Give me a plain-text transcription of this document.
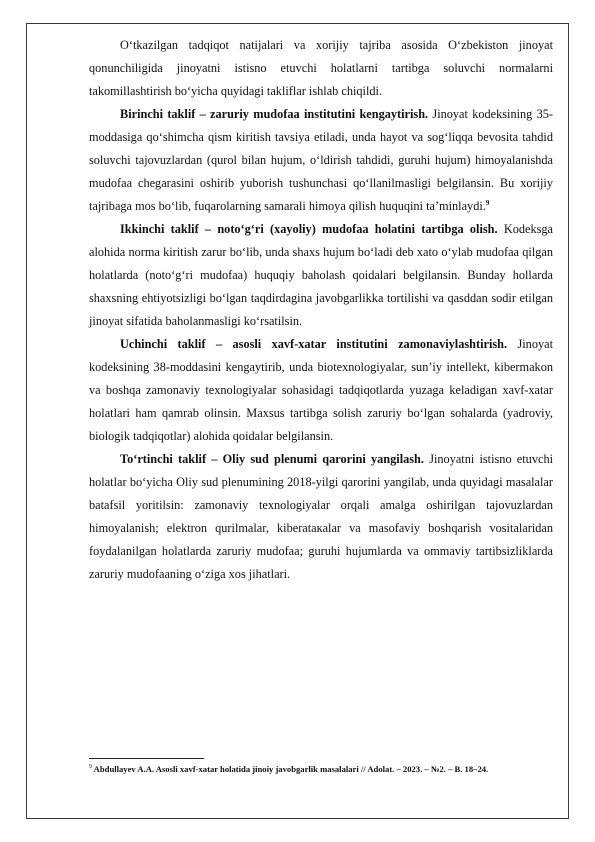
O‘tkazilgan tadqiqot natijalari va xorijiy tajriba asosida O‘zbekiston jinoyat qonunchiligida jinoyatni istisno etuvchi holatlarni tartibga soluvchi normalarni takomillashtirish bo‘yicha quyidagi takliflar ishlab chiqildi.

Birinchi taklif – zaruriy mudofaa institutini kengaytirish. Jinoyat kodeksining 35-moddasiga qo‘shimcha qism kiritish tavsiya etiladi, unda hayot va sog‘liqqa bevosita tahdid soluvchi tajovuzlardan (qurol bilan hujum, o‘ldirish tahdidi, guruhi hujum) himoyalanishda mudofaa chegarasini oshirib yuborish tushunchasi qo‘llanilmasligi belgilansin. Bu xorijiy tajribaga mos bo‘lib, fuqarolarning samarali himoya qilish huquqini ta’minlaydi.$^9$

Ikkinchi taklif – noto‘g‘ri (xayoliy) mudofaa holatini tartibga olish. Kodeksga alohida norma kiritish zarur bo‘lib, unda shaxs hujum bo‘ladi deb xato o‘ylab mudofaa qilgan holatlarda (noto‘g‘ri mudofaa) huquqiy baholash qoidalari belgilansin. Bunday hollarda shaxsning ehtiyotsizligi bo‘lgan taqdirdagina javobgarlikka tortilishi va qasddan sodir etilgan jinoyat sifatida baholanmasligi ko‘rsatilsin.

Uchinchi taklif – asosli xavf-xatar institutini zamonaviylashtirish. Jinoyat kodeksining 38-moddasini kengaytirib, unda biotexnologiyalar, sun’iy intellekt, kibermakon va boshqa zamonaviy texnologiyalar sohasidagi tadqiqotlarda yuzaga keladigan xavf-xatar holatlari ham qamrab olinsin. Maxsus tartibga solish zaruriy bo‘lgan sohalarda (yadroviy, biologik tadqiqotlar) alohida qoidalar belgilansin.

To‘rtinchi taklif – Oliy sud plenumi qarorini yangilash. Jinoyatni istisno etuvchi holatlar bo‘yicha Oliy sud plenumining 2018-yilgi qarorini yangilab, unda quyidagi masalalar batafsil yoritilsin: zamonaviy texnologiyalar orqali amalga oshirilgan tajovuzlardan himoyalanish; elektron qurilmalar, kiberatакalar va masofaviy boshqarish vositalaridan foydalanilgan holatlarda zaruriy mudofaa; guruhi hujumlarda va ommaviy tartibsizliklarda zaruriy mudofaaning o‘ziga xos jihatlari.

$^9$ Abdullayev A.A. Asosli xavf-xatar holatida jinoiy javobgarlik masalalari // Adolat. – 2023. – №2. – B. 18–24.
